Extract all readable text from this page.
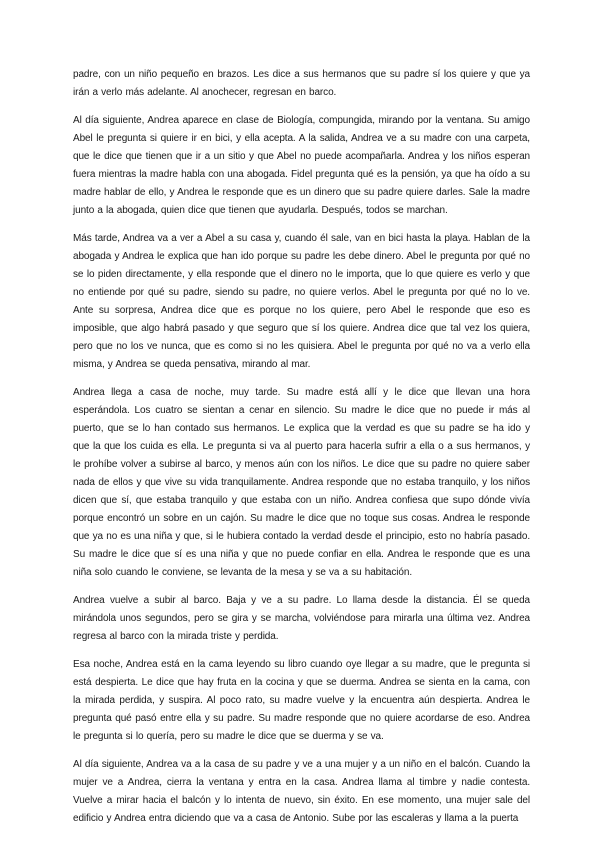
padre, con un niño pequeño en brazos. Les dice a sus hermanos que su padre sí los quiere y que ya irán a verlo más adelante. Al anochecer, regresan en barco.

Al día siguiente, Andrea aparece en clase de Biología, compungida, mirando por la ventana. Su amigo Abel le pregunta si quiere ir en bici, y ella acepta. A la salida, Andrea ve a su madre con una carpeta, que le dice que tienen que ir a un sitio y que Abel no puede acompañarla. Andrea y los niños esperan fuera mientras la madre habla con una abogada. Fidel pregunta qué es la pensión, ya que ha oído a su madre hablar de ello, y Andrea le responde que es un dinero que su padre quiere darles. Sale la madre junto a la abogada, quien dice que tienen que ayudarla. Después, todos se marchan.

Más tarde, Andrea va a ver a Abel a su casa y, cuando él sale, van en bici hasta la playa. Hablan de la abogada y Andrea le explica que han ido porque su padre les debe dinero. Abel le pregunta por qué no se lo piden directamente, y ella responde que el dinero no le importa, que lo que quiere es verlo y que no entiende por qué su padre, siendo su padre, no quiere verlos. Abel le pregunta por qué no lo ve. Ante su sorpresa, Andrea dice que es porque no los quiere, pero Abel le responde que eso es imposible, que algo habrá pasado y que seguro que sí los quiere. Andrea dice que tal vez los quiera, pero que no los ve nunca, que es como si no les quisiera. Abel le pregunta por qué no va a verlo ella misma, y Andrea se queda pensativa, mirando al mar.

Andrea llega a casa de noche, muy tarde. Su madre está allí y le dice que llevan una hora esperándola. Los cuatro se sientan a cenar en silencio. Su madre le dice que no puede ir más al puerto, que se lo han contado sus hermanos. Le explica que la verdad es que su padre se ha ido y que la que los cuida es ella. Le pregunta si va al puerto para hacerla sufrir a ella o a sus hermanos, y le prohíbe volver a subirse al barco, y menos aún con los niños. Le dice que su padre no quiere saber nada de ellos y que vive su vida tranquilamente. Andrea responde que no estaba tranquilo, y los niños dicen que sí, que estaba tranquilo y que estaba con un niño. Andrea confiesa que supo dónde vivía porque encontró un sobre en un cajón. Su madre le dice que no toque sus cosas. Andrea le responde que ya no es una niña y que, si le hubiera contado la verdad desde el principio, esto no habría pasado. Su madre le dice que sí es una niña y que no puede confiar en ella. Andrea le responde que es una niña solo cuando le conviene, se levanta de la mesa y se va a su habitación.

Andrea vuelve a subir al barco. Baja y ve a su padre. Lo llama desde la distancia. Él se queda mirándola unos segundos, pero se gira y se marcha, volviéndose para mirarla una última vez. Andrea regresa al barco con la mirada triste y perdida.

Esa noche, Andrea está en la cama leyendo su libro cuando oye llegar a su madre, que le pregunta si está despierta. Le dice que hay fruta en la cocina y que se duerma. Andrea se sienta en la cama, con la mirada perdida, y suspira. Al poco rato, su madre vuelve y la encuentra aún despierta. Andrea le pregunta qué pasó entre ella y su padre. Su madre responde que no quiere acordarse de eso. Andrea le pregunta si lo quería, pero su madre le dice que se duerma y se va.

Al día siguiente, Andrea va a la casa de su padre y ve a una mujer y a un niño en el balcón. Cuando la mujer ve a Andrea, cierra la ventana y entra en la casa. Andrea llama al timbre y nadie contesta. Vuelve a mirar hacia el balcón y lo intenta de nuevo, sin éxito. En ese momento, una mujer sale del edificio y Andrea entra diciendo que va a casa de Antonio. Sube por las escaleras y llama a la puerta
